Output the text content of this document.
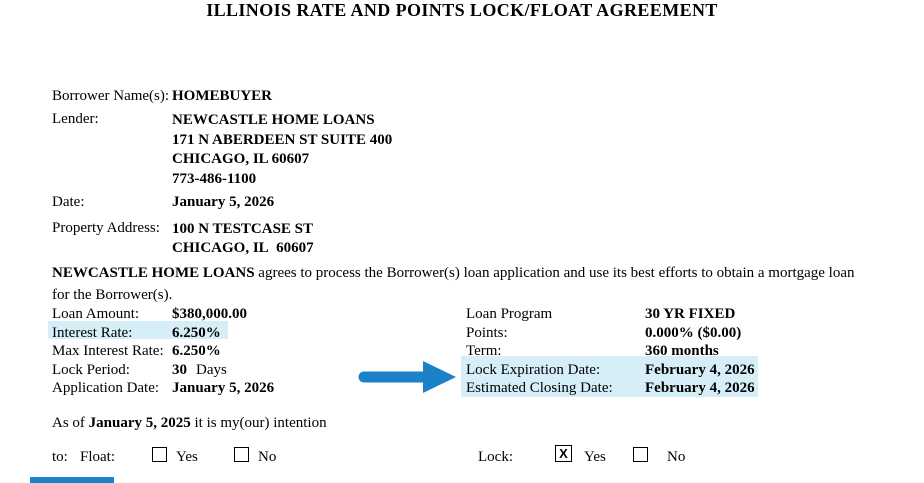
ILLINOIS RATE AND POINTS LOCK/FLOAT AGREEMENT
Borrower Name(s): HOMEBUYER
Lender:	NEWCASTLE HOME LOANS
171 N ABERDEEN ST SUITE 400
CHICAGO, IL 60607
773-486-1100
Date:	January 5, 2026
Property Address: 100 N TESTCASE ST
CHICAGO, IL  60607
NEWCASTLE HOME LOANS agrees to process the Borrower(s) loan application and use its best efforts to obtain a mortgage loan
for the Borrower(s).
Loan Amount:	$380,000.00
Interest Rate:	6.250%
Max Interest Rate: 6.250%
Lock Period:	30 Days
Application Date: January 5, 2026
Loan Program	30 YR FIXED
Points:	0.000% ($0.00)
Term:	360 months
Lock Expiration Date:	February 4, 2026
Estimated Closing Date:	February 4, 2026
As of January 5, 2025 it is my(our) intention
to: Float:	Yes	No	Lock:	X Yes	No
